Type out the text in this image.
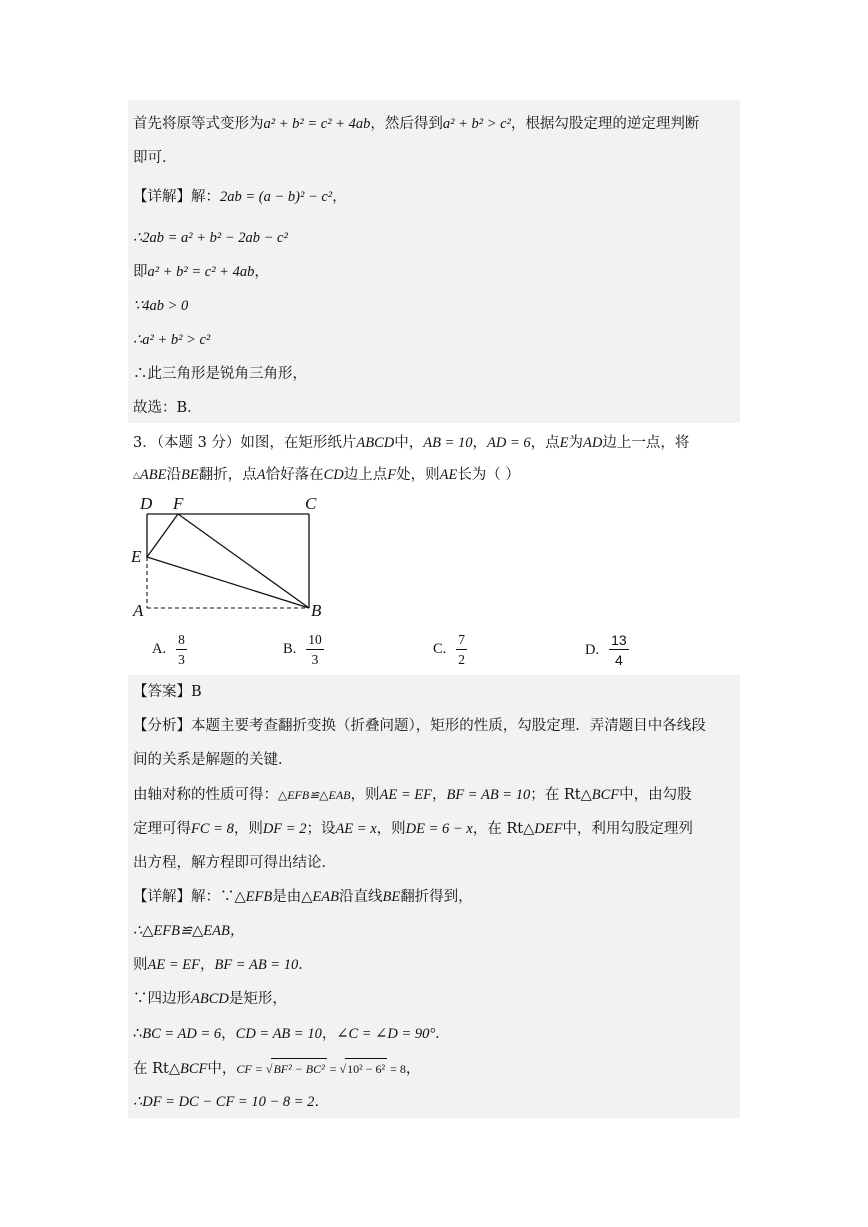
首先将原等式变形为a² + b² = c² + 4ab，然后得到a² + b² > c²，根据勾股定理的逆定理判断
即可．
【详解】解：2ab = (a − b)² − c²，
∴2ab = a² + b² − 2ab − c²
即a² + b² = c² + 4ab，
∵4ab > 0
∴a² + b² > c²
∴此三角形是锐角三角形，
故选：B．
3．（本题 3 分）如图，在矩形纸片ABCD中，AB = 10，AD = 6，点E为AD边上一点，将
△ABE沿BE翻折，点A恰好落在CD边上点F处，则AE长为（ ）
D F	C
E
A	B
A. $\frac{8}{3}$	B. $\frac{10}{3}$	C. $\frac{7}{2}$	D. $\frac{13}{4}$
【答案】B
【分析】本题主要考查翻折变换（折叠问题），矩形的性质，勾股定理．弄清题目中各线段
间的关系是解题的关键．
由轴对称的性质可得：△EFB≌△EAB，则AE = EF，BF = AB = 10；在 Rt△BCF中，由勾股
定理可得FC = 8，则DF = 2；设AE = x，则DE = 6 − x，在 Rt△DEF中，利用勾股定理列
出方程，解方程即可得出结论．
【详解】解：∵△EFB是由△EAB沿直线BE翻折得到，
∴△EFB≌△EAB，
则AE = EF，BF = AB = 10．
∵四边形ABCD是矩形，
∴BC = AD = 6，CD = AB = 10，∠C = ∠D = 90°．
在 Rt△BCF中，CF = √BF² − BC² = √10² − 6² = 8，
∴DF = DC − CF = 10 − 8 = 2．
